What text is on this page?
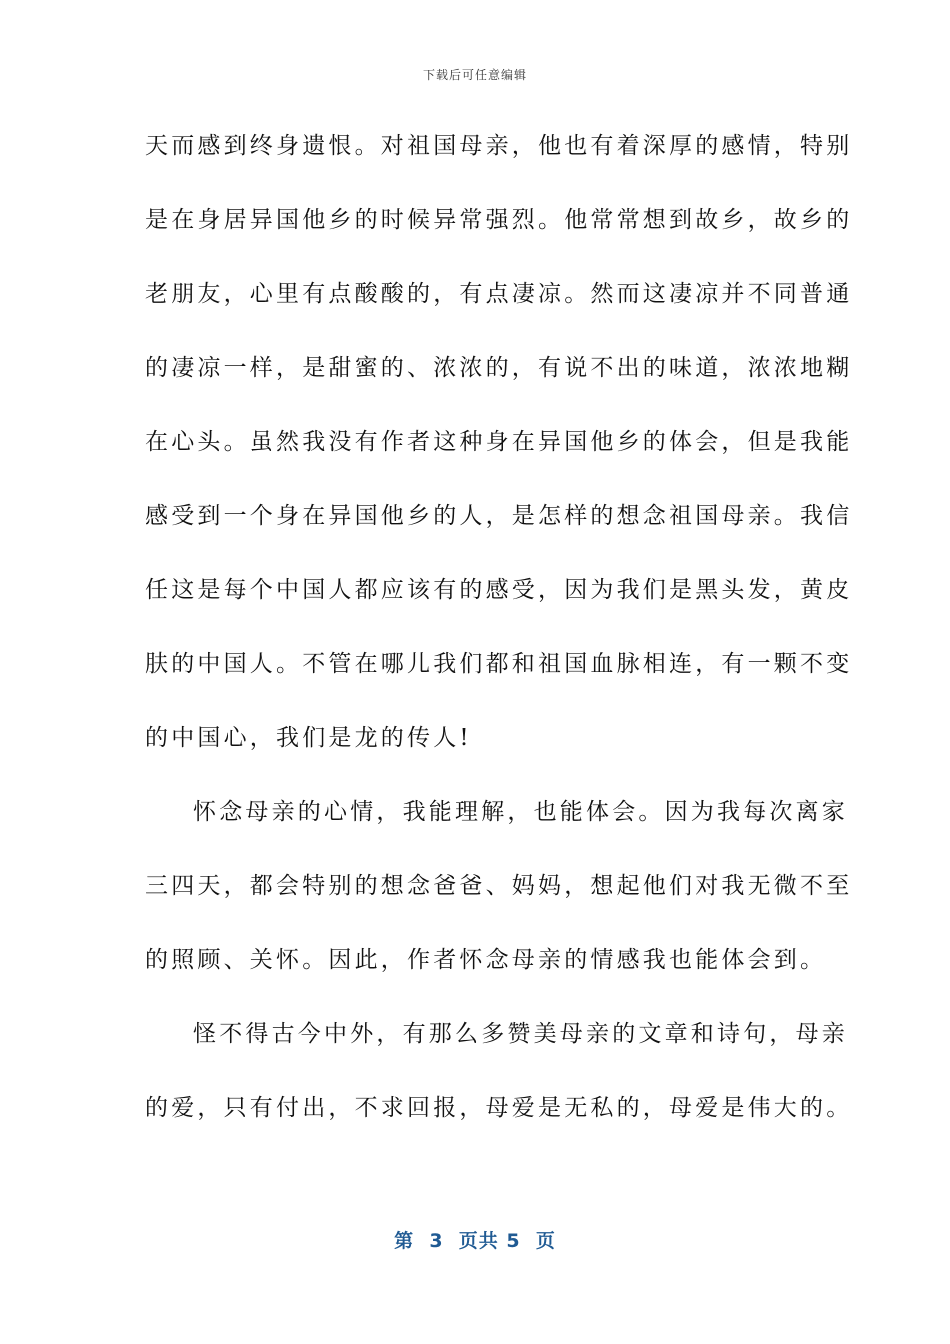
下载后可任意编辑
天而感到终身遗恨。对祖国母亲，他也有着深厚的感情，特别
是在身居异国他乡的时候异常强烈。他常常想到故乡，故乡的
老朋友，心里有点酸酸的，有点凄凉。然而这凄凉并不同普通
的凄凉一样，是甜蜜的、浓浓的，有说不出的味道，浓浓地糊
在心头。虽然我没有作者这种身在异国他乡的体会，但是我能
感受到一个身在异国他乡的人，是怎样的想念祖国母亲。我信
任这是每个中国人都应该有的感受，因为我们是黑头发，黄皮
肤的中国人。不管在哪儿我们都和祖国血脉相连，有一颗不变
的中国心，我们是龙的传人!
怀念母亲的心情，我能理解，也能体会。因为我每次离家
三四天，都会特别的想念爸爸、妈妈，想起他们对我无微不至
的照顾、关怀。因此，作者怀念母亲的情感我也能体会到。
怪不得古今中外，有那么多赞美母亲的文章和诗句，母亲
的爱，只有付出，不求回报，母爱是无私的，母爱是伟大的。
第  3  页共 5  页
